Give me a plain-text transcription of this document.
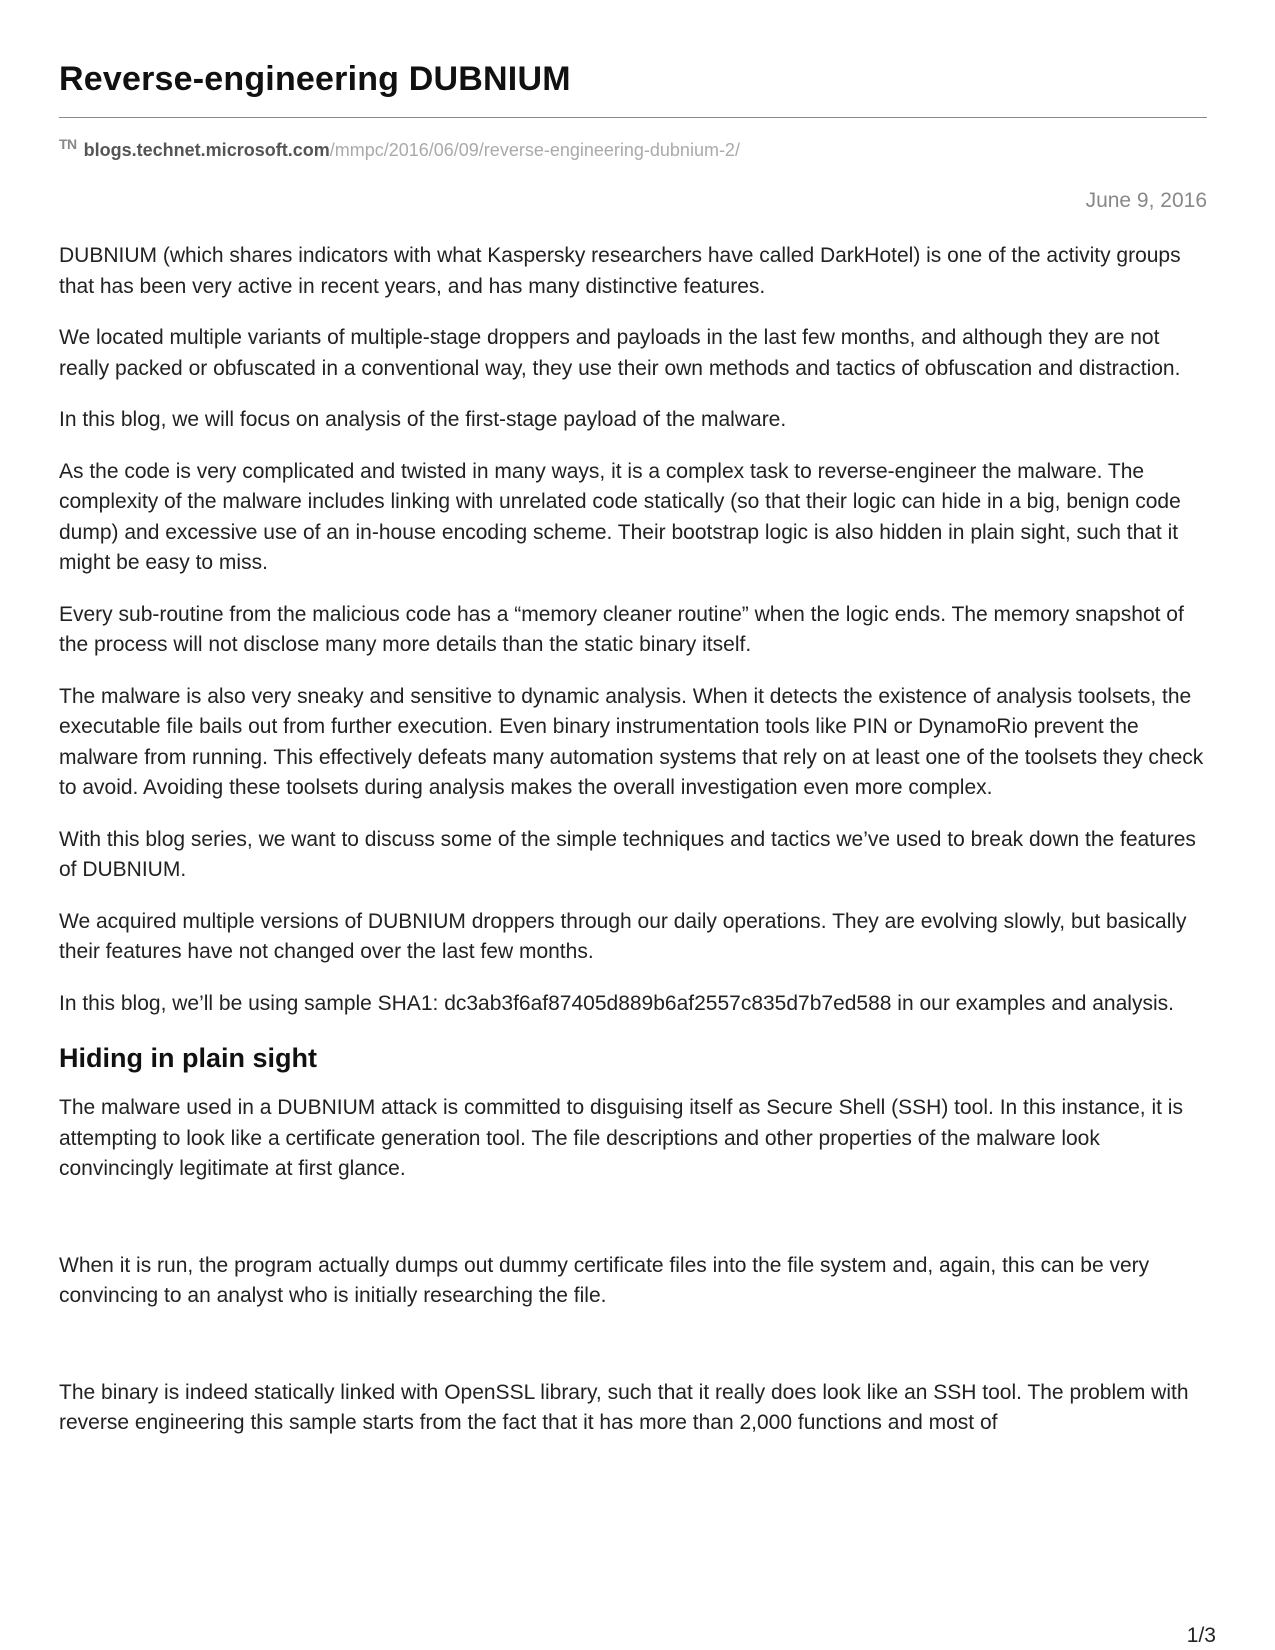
Reverse-engineering DUBNIUM
$^{TN}$ blogs.technet.microsoft.com/mmpc/2016/06/09/reverse-engineering-dubnium-2/
June 9, 2016

DUBNIUM (which shares indicators with what Kaspersky researchers have called DarkHotel) is one of the activity groups that has been very active in recent years, and has many distinctive features.

We located multiple variants of multiple-stage droppers and payloads in the last few months, and although they are not really packed or obfuscated in a conventional way, they use their own methods and tactics of obfuscation and distraction.

In this blog, we will focus on analysis of the first-stage payload of the malware.

As the code is very complicated and twisted in many ways, it is a complex task to reverse-engineer the malware. The complexity of the malware includes linking with unrelated code statically (so that their logic can hide in a big, benign code dump) and excessive use of an in-house encoding scheme. Their bootstrap logic is also hidden in plain sight, such that it might be easy to miss.

Every sub-routine from the malicious code has a “memory cleaner routine” when the logic ends. The memory snapshot of the process will not disclose many more details than the static binary itself.

The malware is also very sneaky and sensitive to dynamic analysis. When it detects the existence of analysis toolsets, the executable file bails out from further execution. Even binary instrumentation tools like PIN or DynamoRio prevent the malware from running. This effectively defeats many automation systems that rely on at least one of the toolsets they check to avoid. Avoiding these toolsets during analysis makes the overall investigation even more complex.

With this blog series, we want to discuss some of the simple techniques and tactics we’ve used to break down the features of DUBNIUM.

We acquired multiple versions of DUBNIUM droppers through our daily operations. They are evolving slowly, but basically their features have not changed over the last few months.

In this blog, we’ll be using sample SHA1: dc3ab3f6af87405d889b6af2557c835d7b7ed588 in our examples and analysis.

Hiding in plain sight

The malware used in a DUBNIUM attack is committed to disguising itself as Secure Shell (SSH) tool. In this instance, it is attempting to look like a certificate generation tool. The file descriptions and other properties of the malware look convincingly legitimate at first glance.

When it is run, the program actually dumps out dummy certificate files into the file system and, again, this can be very convincing to an analyst who is initially researching the file.

The binary is indeed statically linked with OpenSSL library, such that it really does look like an SSH tool. The problem with reverse engineering this sample starts from the fact that it has more than 2,000 functions and most of

1/3
